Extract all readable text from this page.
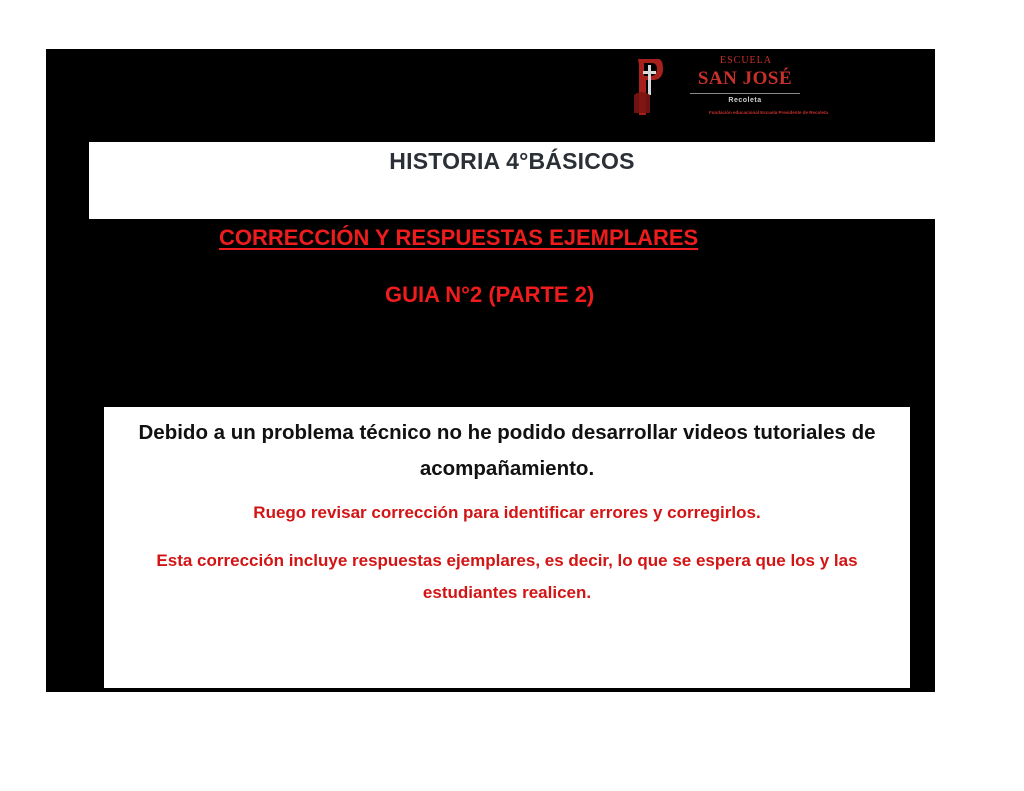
ESCUELA
SAN JOSÉ
Recoleta
Fundación educacional Escuela Presidente de Recoleta
HISTORIA 4°BÁSICOS
CORRECCIÓN Y RESPUESTAS EJEMPLARES
GUIA N°2 (PARTE 2)
Debido a un problema técnico no he podido desarrollar videos tutoriales de acompañamiento.
Ruego revisar corrección para identificar errores y corregirlos.
Esta corrección incluye respuestas ejemplares, es decir, lo que se espera que los y las estudiantes realicen.
